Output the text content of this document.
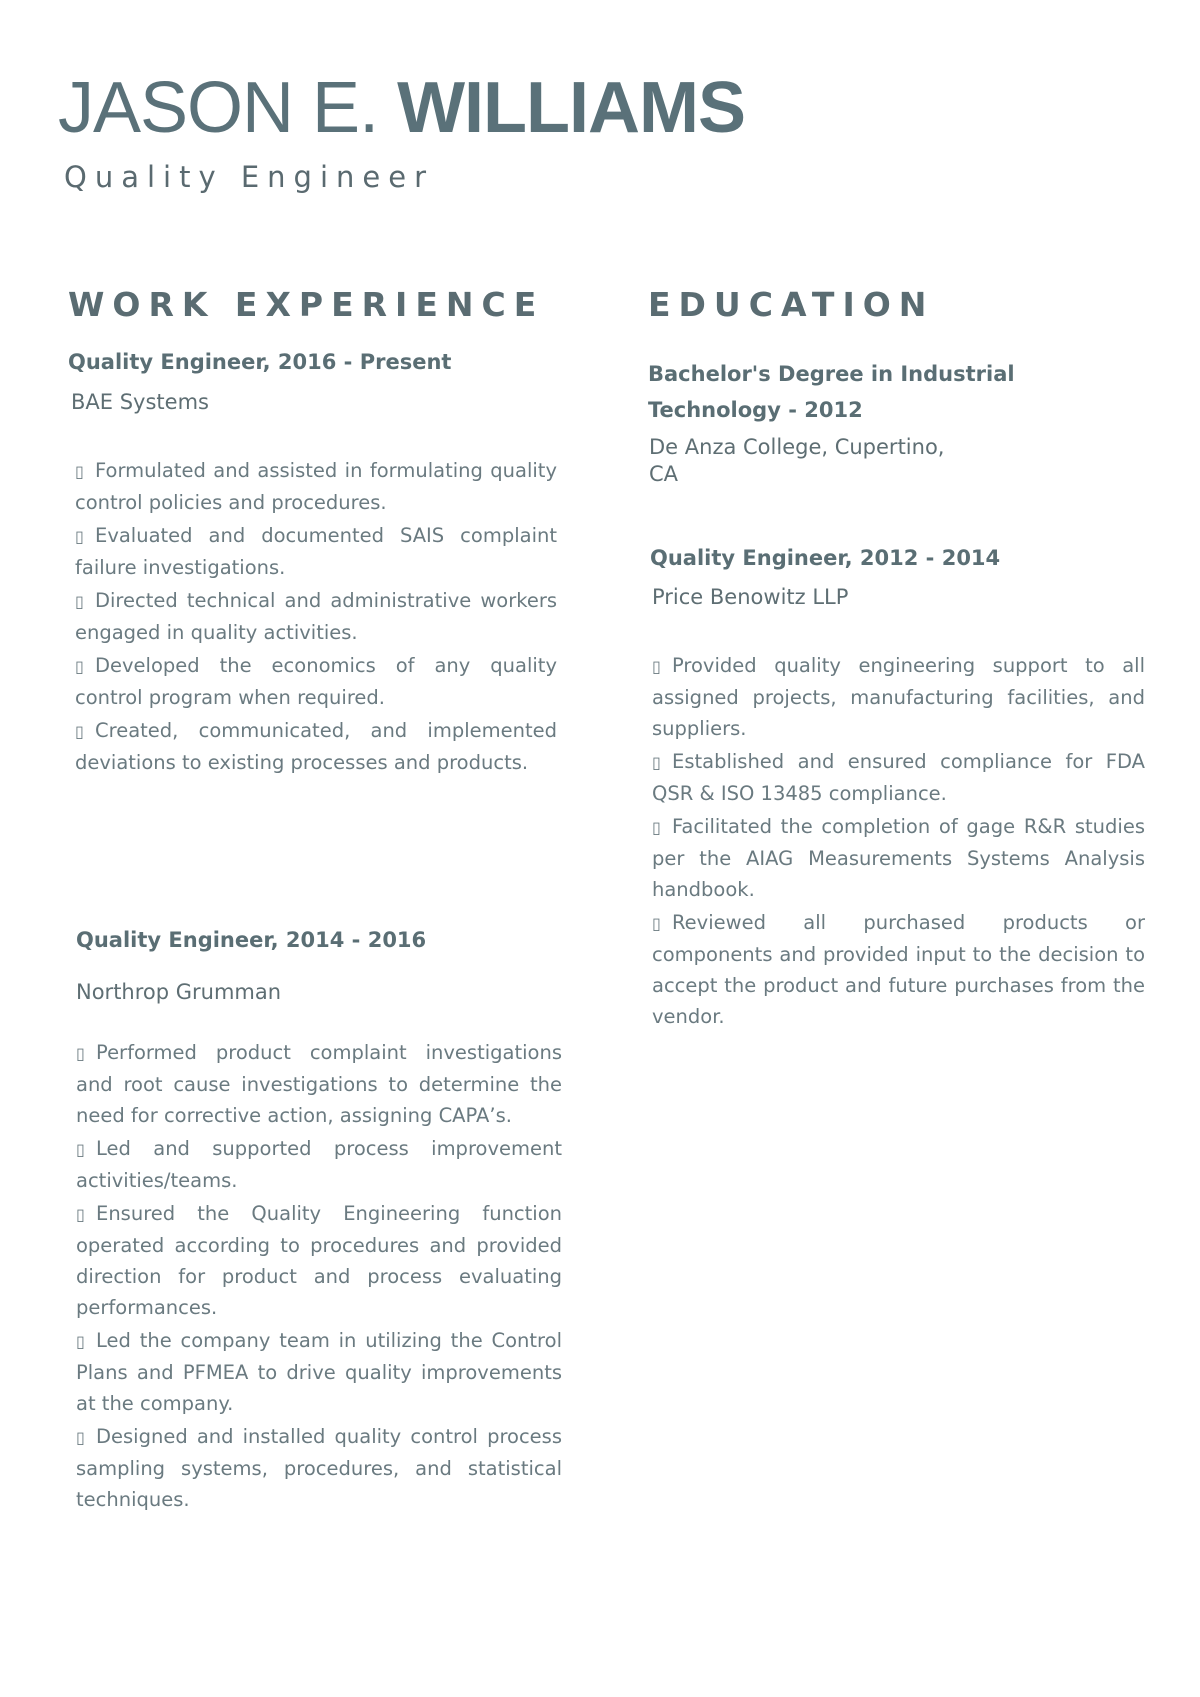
JASON E. WILLIAMS
Quality Engineer
WORK EXPERIENCE
Quality Engineer, 2016 - Present
BAE Systems
▯ Formulated and assisted in formulating quality control policies and procedures.
▯ Evaluated and documented SAIS complaint failure investigations.
▯ Directed technical and administrative workers engaged in quality activities.
▯ Developed the economics of any quality control program when required.
▯ Created, communicated, and implemented deviations to existing processes and products.
Quality Engineer, 2014 - 2016
Northrop Grumman
▯ Performed product complaint investigations and root cause investigations to determine the need for corrective action, assigning CAPA’s.
▯ Led and supported process improvement activities/teams.
▯ Ensured the Quality Engineering function operated according to procedures and provided direction for product and process evaluating performances.
▯ Led the company team in utilizing the Control Plans and PFMEA to drive quality improvements at the company.
▯ Designed and installed quality control process sampling systems, procedures, and statistical techniques.
EDUCATION
Bachelor's Degree in Industrial Technology - 2012
De Anza College, Cupertino, CA
Quality Engineer, 2012 - 2014
Price Benowitz LLP
▯ Provided quality engineering support to all assigned projects, manufacturing facilities, and suppliers.
▯ Established and ensured compliance for FDA QSR & ISO 13485 compliance.
▯ Facilitated the completion of gage R&R studies per the AIAG Measurements Systems Analysis handbook.
▯ Reviewed all purchased products or components and provided input to the decision to accept the product and future purchases from the vendor.
